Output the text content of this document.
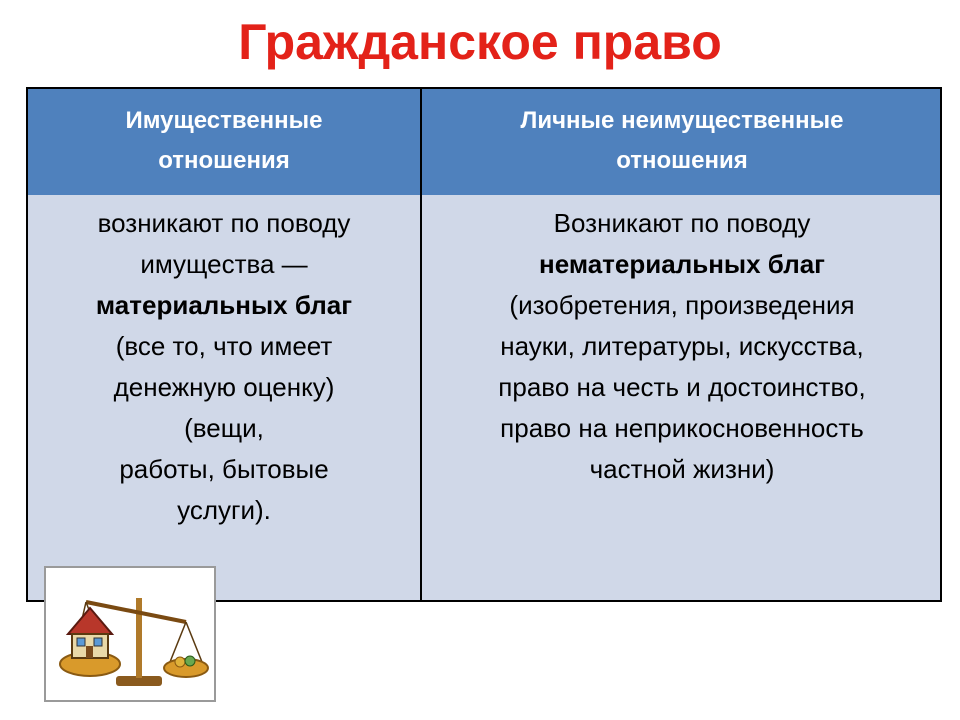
Гражданское право
Имущественные
отношения
Личные неимущественные
отношения
возникают по поводу
имущества —
материальных благ
(все то, что имеет
денежную оценку)
(вещи,
работы, бытовые
услуги).
Возникают по поводу
нематериальных благ
(изобретения, произведения
науки, литературы, искусства,
право на честь и достоинство,
право на неприкосновенность
частной жизни)
